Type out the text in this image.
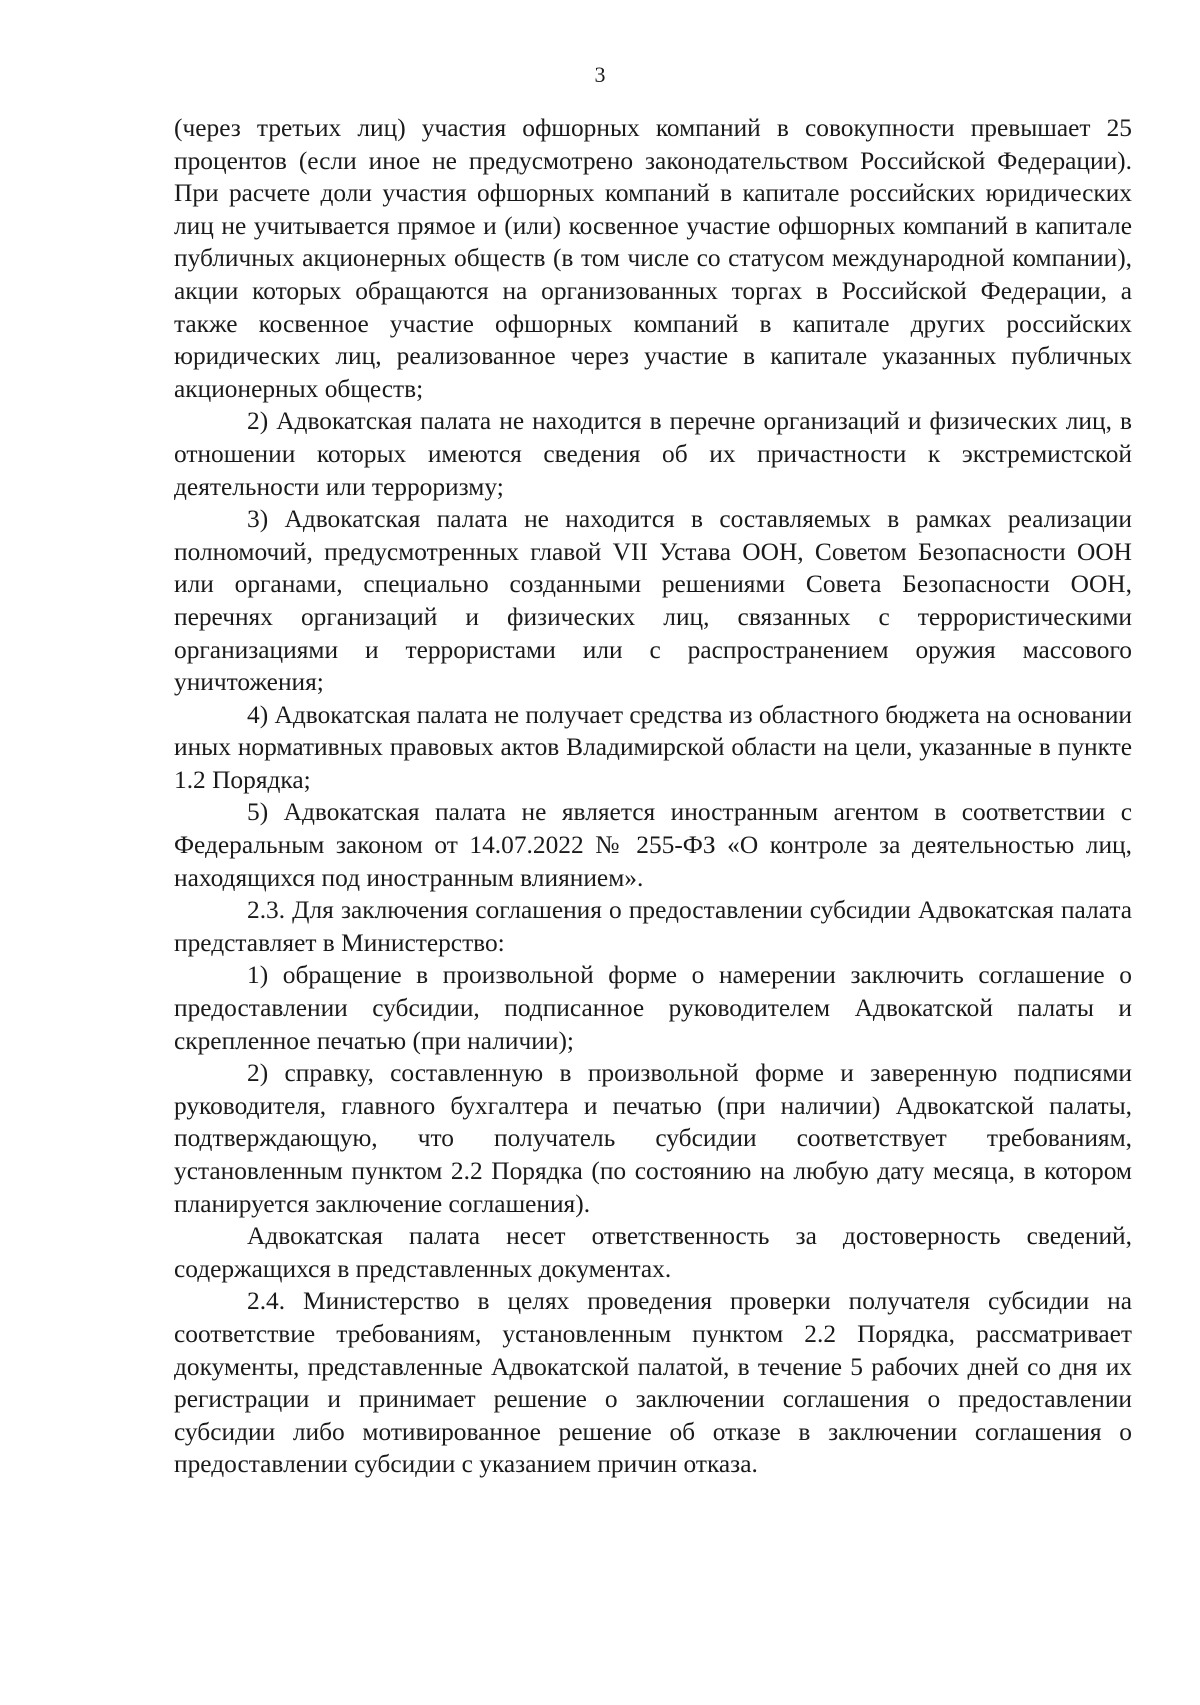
3

(через третьих лиц) участия офшорных компаний в совокупности превышает 25 процентов (если иное не предусмотрено законодательством Российской Федерации). При расчете доли участия офшорных компаний в капитале российских юридических лиц не учитывается прямое и (или) косвенное участие офшорных компаний в капитале публичных акционерных обществ (в том числе со статусом международной компании), акции которых обращаются на организованных торгах в Российской Федерации, а также косвенное участие офшорных компаний в капитале других российских юридических лиц, реализованное через участие в капитале указанных публичных акционерных обществ;

2) Адвокатская палата не находится в перечне организаций и физических лиц, в отношении которых имеются сведения об их причастности к экстремистской деятельности или терроризму;

3) Адвокатская палата не находится в составляемых в рамках реализации полномочий, предусмотренных главой VII Устава ООН, Советом Безопасности ООН или органами, специально созданными решениями Совета Безопасности ООН, перечнях организаций и физических лиц, связанных с террористическими организациями и террористами или с распространением оружия массового уничтожения;

4) Адвокатская палата не получает средства из областного бюджета на основании иных нормативных правовых актов Владимирской области на цели, указанные в пункте 1.2 Порядка;

5) Адвокатская палата не является иностранным агентом в соответствии с Федеральным законом от 14.07.2022 № 255-ФЗ «О контроле за деятельностью лиц, находящихся под иностранным влиянием».

2.3. Для заключения соглашения о предоставлении субсидии Адвокатская палата представляет в Министерство:

1) обращение в произвольной форме о намерении заключить соглашение о предоставлении субсидии, подписанное руководителем Адвокатской палаты и скрепленное печатью (при наличии);

2) справку, составленную в произвольной форме и заверенную подписями руководителя, главного бухгалтера и печатью (при наличии) Адвокатской палаты, подтверждающую, что получатель субсидии соответствует требованиям, установленным пунктом 2.2 Порядка (по состоянию на любую дату месяца, в котором планируется заключение соглашения).

Адвокатская палата несет ответственность за достоверность сведений, содержащихся в представленных документах.

2.4. Министерство в целях проведения проверки получателя субсидии на соответствие требованиям, установленным пунктом 2.2 Порядка, рассматривает документы, представленные Адвокатской палатой, в течение 5 рабочих дней со дня их регистрации и принимает решение о заключении соглашения о предоставлении субсидии либо мотивированное решение об отказе в заключении соглашения о предоставлении субсидии с указанием причин отказа.
